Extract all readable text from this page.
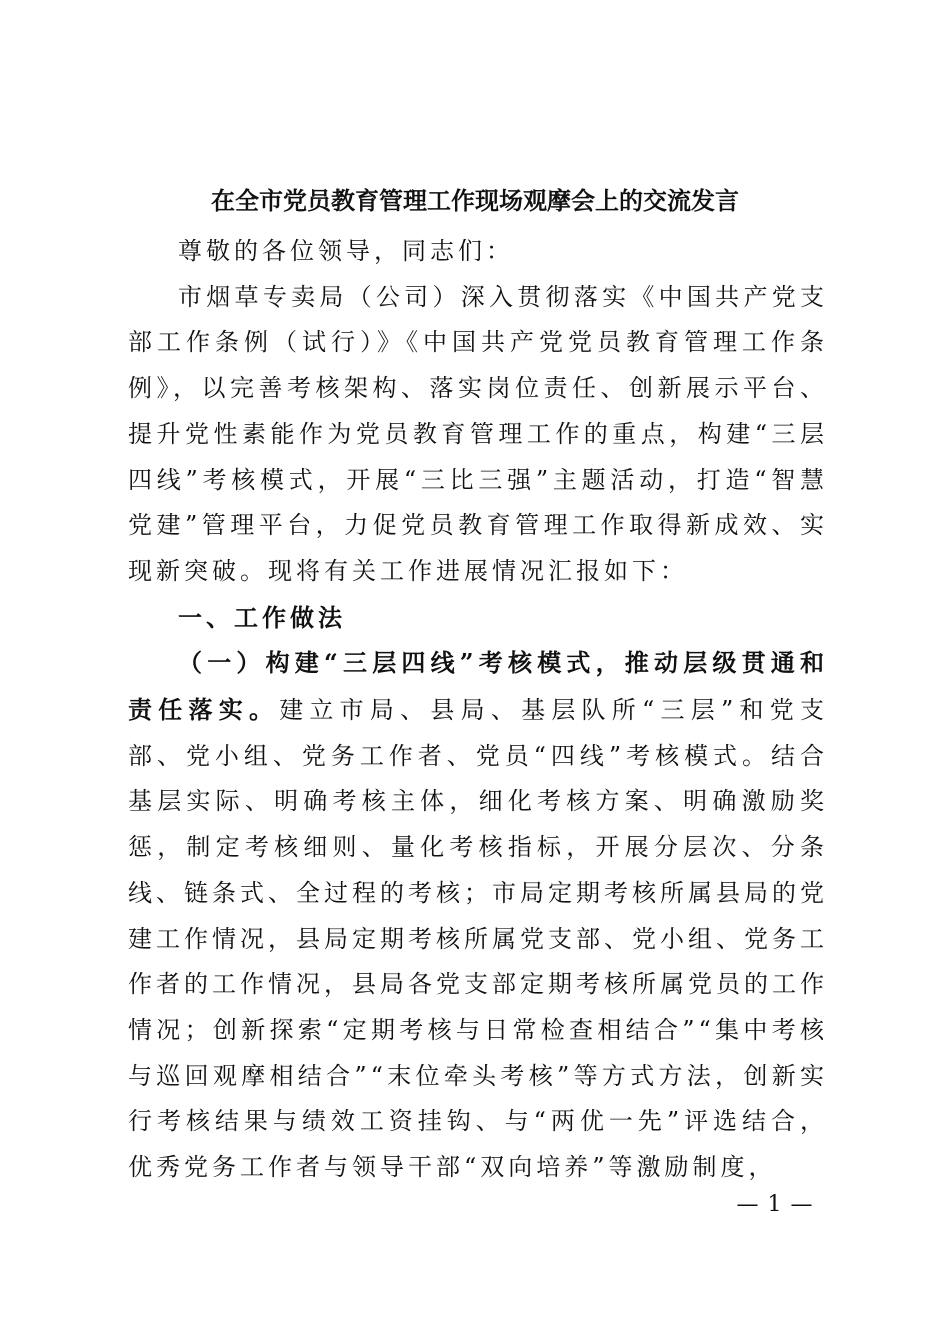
在全市党员教育管理工作现场观摩会上的交流发言

尊敬的各位领导，同志们：

市烟草专卖局（公司）深入贯彻落实《中国共产党支部工作条例（试行）》《中国共产党党员教育管理工作条例》，以完善考核架构、落实岗位责任、创新展示平台、提升党性素能作为党员教育管理工作的重点，构建“三层四线”考核模式，开展“三比三强”主题活动，打造“智慧党建”管理平台，力促党员教育管理工作取得新成效、实现新突破。现将有关工作进展情况汇报如下：

一、工作做法

（一）构建“三层四线”考核模式，推动层级贯通和责任落实。建立市局、县局、基层队所“三层”和党支部、党小组、党务工作者、党员“四线”考核模式。结合基层实际、明确考核主体，细化考核方案、明确激励奖惩，制定考核细则、量化考核指标，开展分层次、分条线、链条式、全过程的考核；市局定期考核所属县局的党建工作情况，县局定期考核所属党支部、党小组、党务工作者的工作情况，县局各党支部定期考核所属党员的工作情况；创新探索“定期考核与日常检查相结合”“集中考核与巡回观摩相结合”“末位牵头考核”等方式方法，创新实行考核结果与绩效工资挂钩、与“两优一先”评选结合，优秀党务工作者与领导干部“双向培养”等激励制度，

— 1 —
